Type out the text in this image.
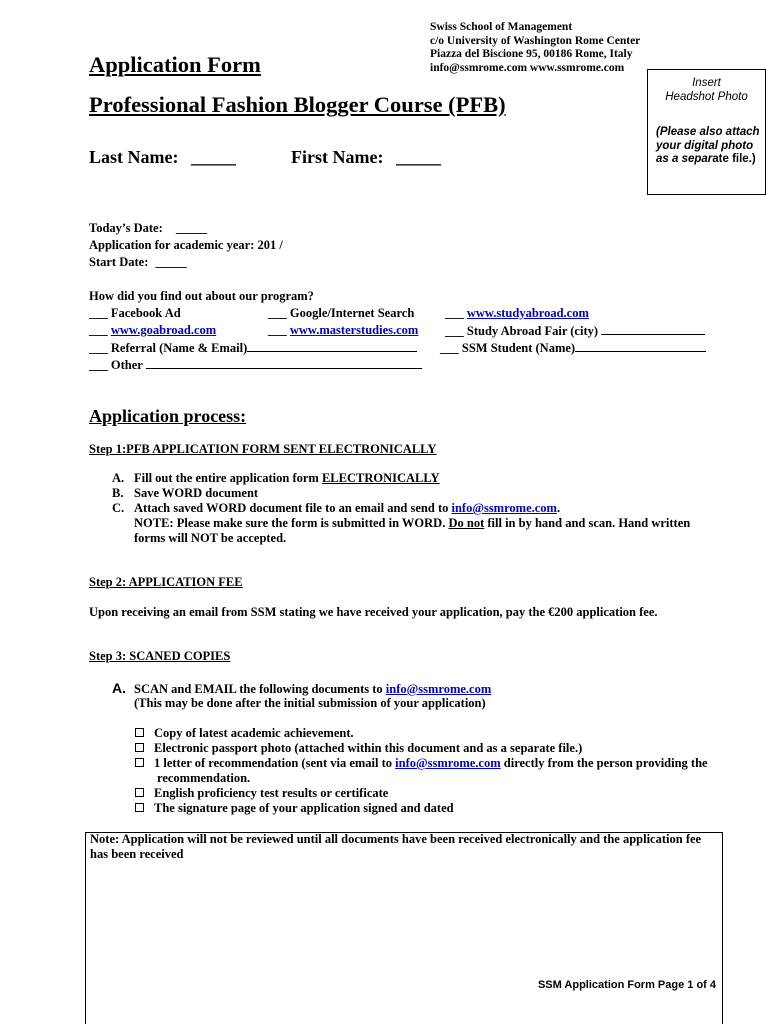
Swiss School of Management
c/o University of Washington Rome Center
Piazza del Biscione 95, 00186 Rome, Italy
info@ssmrome.com www.ssmrome.com
Application Form
Professional Fashion Blogger Course (PFB)
Last Name: _____	First Name: _____
Insert
Headshot Photo
(Please also attach your digital photo as a separate file.)
Today’s Date: _____
Application for academic year: 201 /
Start Date: _____
How did you find out about our program?
___ Facebook Ad	___ Google/Internet Search ___ www.studyabroad.com
___ www.goabroad.com	___ www.masterstudies.com ___ Study Abroad Fair (city)
___ Referral (Name & Email)	___ SSM Student (Name)
___ Other
Application process:
Step 1:PFB APPLICATION FORM SENT ELECTRONICALLY
A. Fill out the entire application form ELECTRONICALLY
B. Save WORD document
C. Attach saved WORD document file to an email and send to info@ssmrome.com.
NOTE: Please make sure the form is submitted in WORD. Do not fill in by hand and scan. Hand written
forms will NOT be accepted.
Step 2: APPLICATION FEE
Upon receiving an email from SSM stating we have received your application, pay the €200 application fee.
Step 3: SCANED COPIES
A. SCAN and EMAIL the following documents to info@ssmrome.com
(This may be done after the initial submission of your application)
Copy of latest academic achievement.
Electronic passport photo (attached within this document and as a separate file.)
1 letter of recommendation (sent via email to info@ssmrome.com directly from the person providing the
recommendation.
English proficiency test results or certificate
The signature page of your application signed and dated
Note: Application will not be reviewed until all documents have been received electronically and the application fee has been received
SSM Application Form Page 1 of 4
